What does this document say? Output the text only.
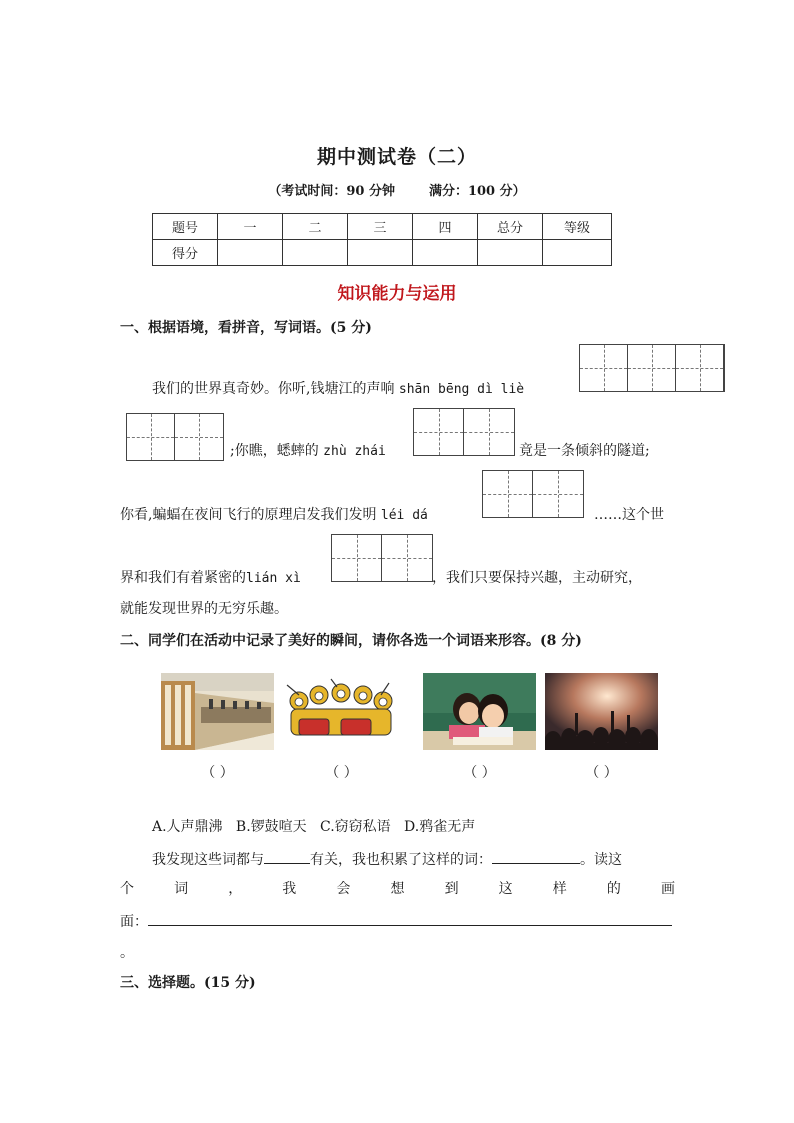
期中测试卷（二）
（考试时间：90 分钟	满分：100 分）
题号	一	二	三	四	总分	等级
得分						
知识能力与运用
一、根据语境，看拼音，写词语。(5 分)
我们的世界真奇妙。你听,钱塘江的声响 shān bēng dì liè
;你瞧，蟋蟀的 zhù zhái	竟是一条倾斜的隧道;
你看,蝙蝠在夜间飞行的原理启发我们发明 léi dá	……这个世
界和我们有着紧密的lián xì	，我们只要保持兴趣，主动研究，
就能发现世界的无穷乐趣。
二、同学们在活动中记录了美好的瞬间，请你各选一个词语来形容。(8 分)
（ ）	（ ）	（ ）	（ ）
A.人声鼎沸   B.锣鼓喧天   C.窃窃私语   D.鸦雀无声
我发现这些词都与	有关，我也积累了这样的词：	。读这
个	词	，	我	会	想	到	这	样	的	画
面：
。
三、选择题。(15 分)
